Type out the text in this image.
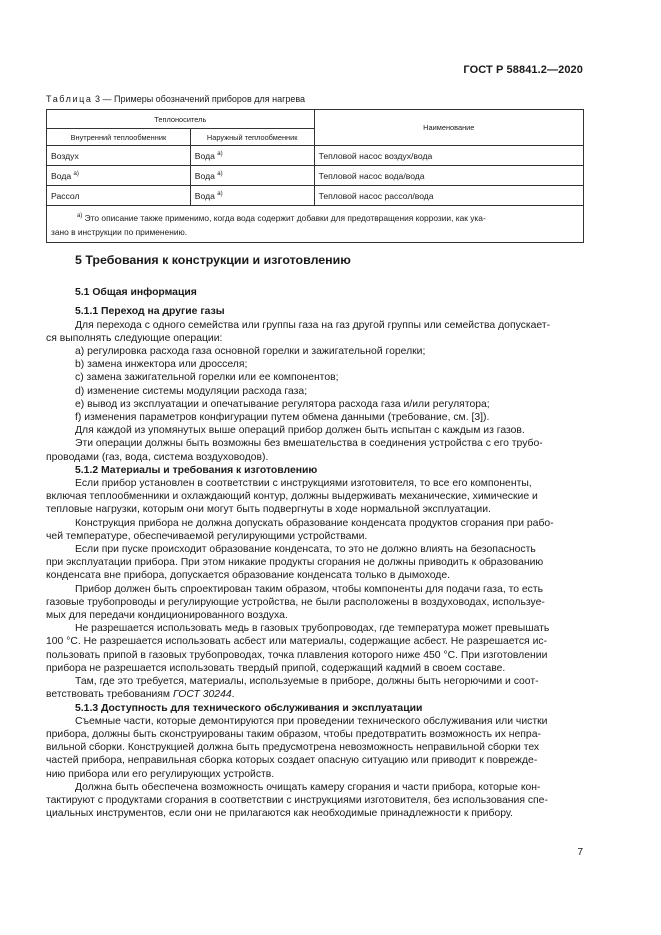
ГОСТ Р 58841.2—2020
Таблица 3 — Примеры обозначений приборов для нагрева
Теплоноситель		Наименование
Внутренний теплообменник	Наружный теплообменник	
Воздух	Вода $^{а)}$	Тепловой насос воздух/вода
Вода $^{а)}$	Вода $^{а)}$	Тепловой насос вода/вода
Рассол	Вода $^{а)}$	Тепловой насос рассол/вода
$^{а)}$ Это описание также применимо, когда вода содержит добавки для предотвращения коррозии, как ука-
зано в инструкции по применению.		
5 Требования к конструкции и изготовлению
5.1 Общая информация
5.1.1 Переход на другие газы

Для перехода с одного семейства или группы газа на газ другой группы или семейства допускает-

ся выполнять следующие операции:

а) регулировка расхода газа основной горелки и зажигательной горелки;

b) замена инжектора или дросселя;

c) замена зажигательной горелки или ее компонентов;

d) изменение системы модуляции расхода газа;

e) вывод из эксплуатации и опечатывание регулятора расхода газа и/или регулятора;

f) изменения параметров конфигурации путем обмена данными (требование, см. [3]).

Для каждой из упомянутых выше операций прибор должен быть испытан с каждым из газов.

Эти операции должны быть возможны без вмешательства в соединения устройства с его трубо-

проводами (газ, вода, система воздуховодов).

5.1.2 Материалы и требования к изготовлению

Если прибор установлен в соответствии с инструкциями изготовителя, то все его компоненты,

включая теплообменники и охлаждающий контур, должны выдерживать механические, химические и

тепловые нагрузки, которым они могут быть подвергнуты в ходе нормальной эксплуатации.

Конструкция прибора не должна допускать образование конденсата продуктов сгорания при рабо-

чей температуре, обеспечиваемой регулирующими устройствами.

Если при пуске происходит образование конденсата, то это не должно влиять на безопасность

при эксплуатации прибора. При этом никакие продукты сгорания не должны приводить к образованию

конденсата вне прибора, допускается образование конденсата только в дымоходе.

Прибор должен быть спроектирован таким образом, чтобы компоненты для подачи газа, то есть

газовые трубопроводы и регулирующие устройства, не были расположены в воздуховодах, используе-

мых для передачи кондиционированного воздуха.

Не разрешается использовать медь в газовых трубопроводах, где температура может превышать

100 °С. Не разрешается использовать асбест или материалы, содержащие асбест. Не разрешается ис-

пользовать припой в газовых трубопроводах, точка плавления которого ниже 450 °С. При изготовлении

прибора не разрешается использовать твердый припой, содержащий кадмий в своем составе.

Там, где это требуется, материалы, используемые в приборе, должны быть негорючими и соот-

ветствовать требованиям ГОСТ 30244.

5.1.3 Доступность для технического обслуживания и эксплуатации

Съемные части, которые демонтируются при проведении технического обслуживания или чистки

прибора, должны быть сконструированы таким образом, чтобы предотвратить возможность их непра-

вильной сборки. Конструкцией должна быть предусмотрена невозможность неправильной сборки тех

частей прибора, неправильная сборка которых создает опасную ситуацию или приводит к поврежде-

нию прибора или его регулирующих устройств.

Должна быть обеспечена возможность очищать камеру сгорания и части прибора, которые кон-

тактируют с продуктами сгорания в соответствии с инструкциями изготовителя, без использования спе-

циальных инструментов, если они не прилагаются как необходимые принадлежности к прибору.

7
